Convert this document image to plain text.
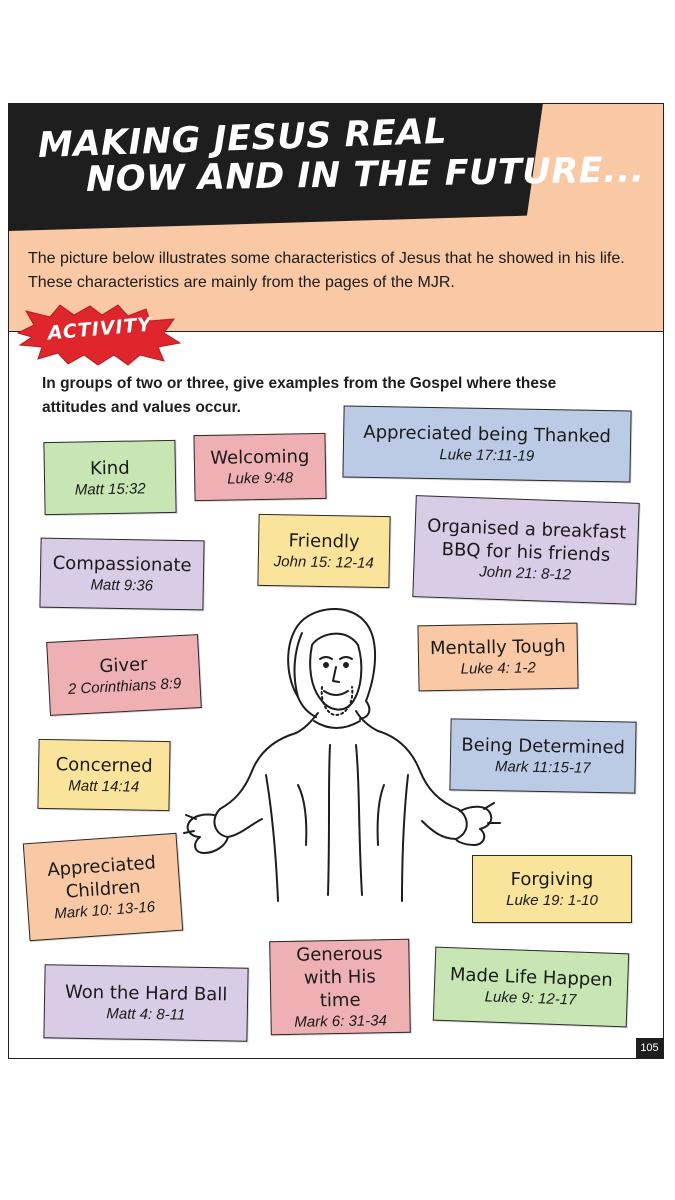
MAKING JESUS REAL
NOW AND IN THE FUTURE...
The picture below illustrates some characteristics of Jesus that he showed in his life. These characteristics are mainly from the pages of the MJR.
ACTIVITY
In groups of two or three, give examples from the Gospel where these attitudes and values occur.
Kind
Matt 15:32
Welcoming
Luke 9:48
Appreciated being Thanked
Luke 17:11-19
Friendly
John 15: 12-14
Organised a breakfast BBQ for his friends
John 21: 8-12
Compassionate
Matt 9:36
Giver
2 Corinthians 8:9
Mentally Tough
Luke 4: 1-2
Being Determined
Mark 11:15-17
Concerned
Matt 14:14
Appreciated Children
Mark 10: 13-16
Forgiving
Luke 19: 1-10
Won the Hard Ball
Matt 4: 8-11
Generous with His time
Mark 6: 31-34
Made Life Happen
Luke 9: 12-17
105
